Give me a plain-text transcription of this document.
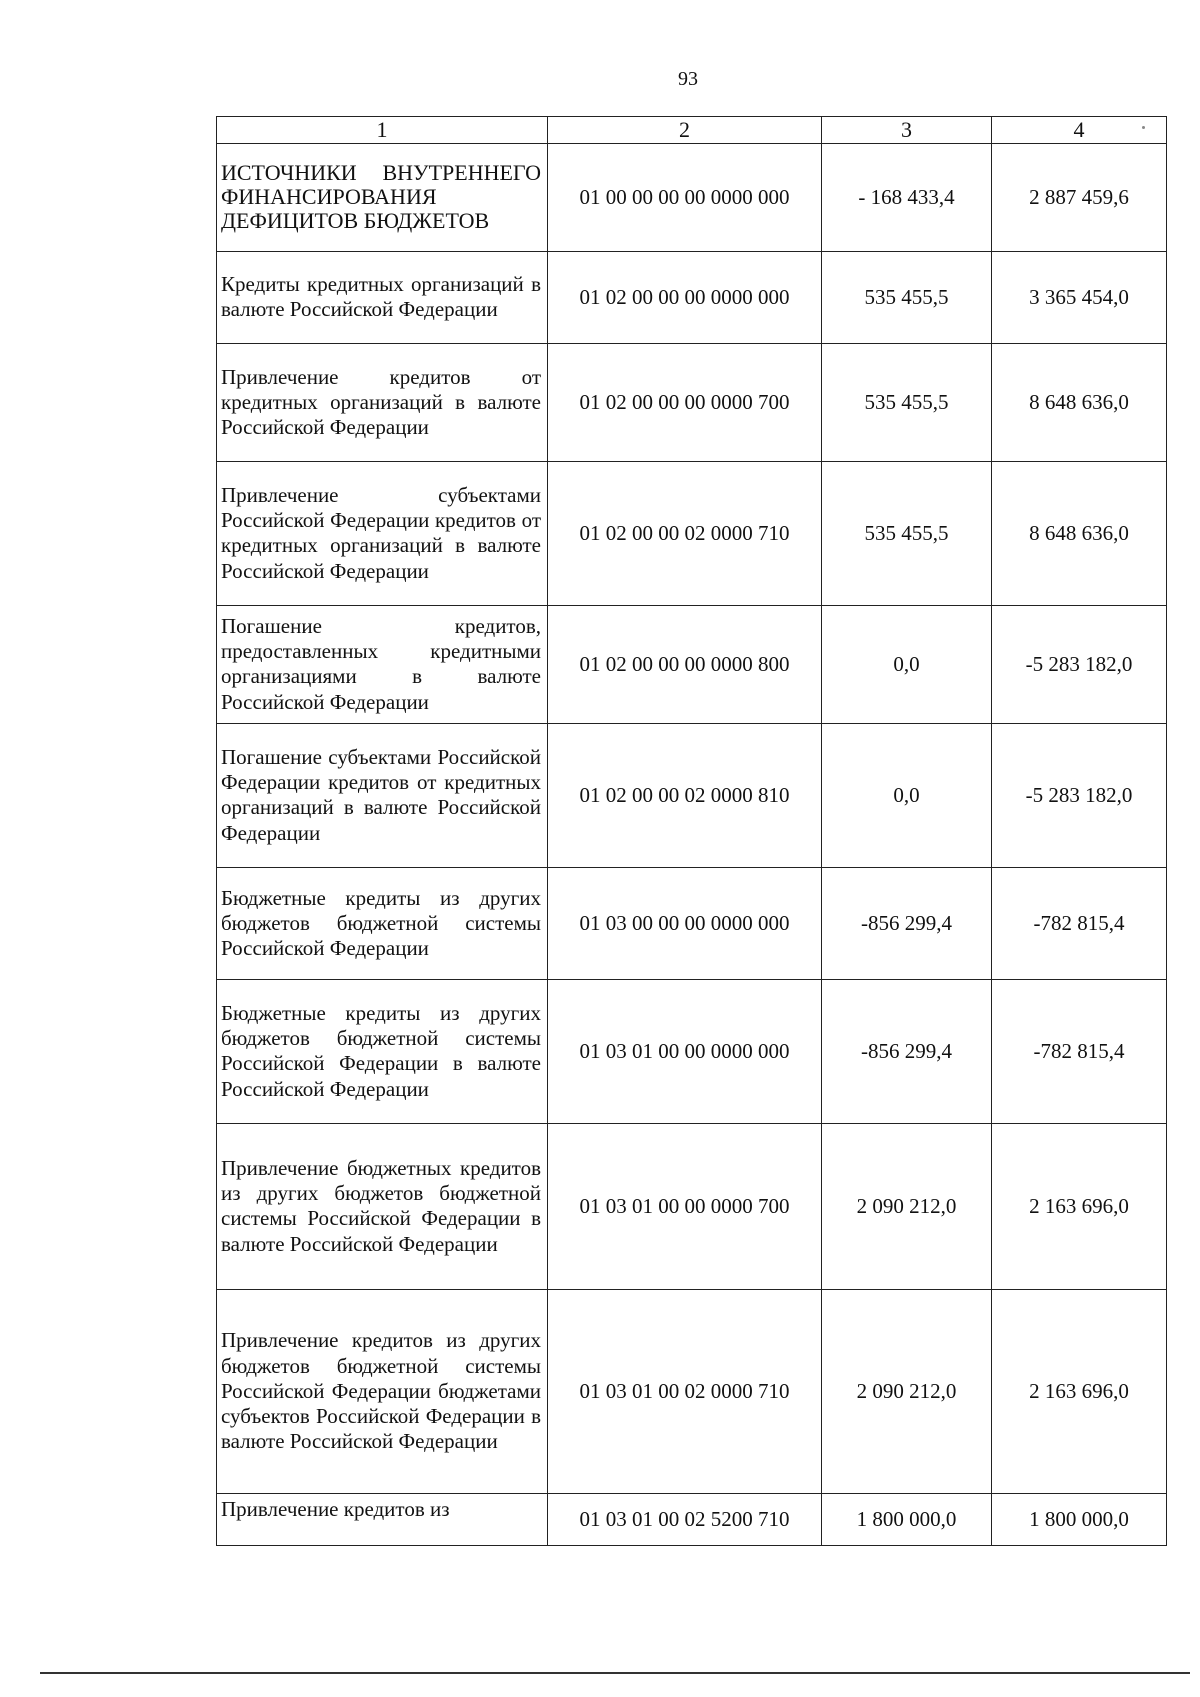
93
1	2	3	4
ИСТОЧНИКИ ВНУТРЕННЕГО ФИНАНСИРОВАНИЯ ДЕФИЦИТОВ БЮДЖЕТОВ	01 00 00 00 00 0000 000	- 168 433,4	2 887 459,6
Кредиты кредитных организаций в валюте Российской Федерации	01 02 00 00 00 0000 000	535 455,5	3 365 454,0
Привлечение кредитов от кредитных организаций в валюте Российской Федерации	01 02 00 00 00 0000 700	535 455,5	8 648 636,0
Привлечение субъектами Российской Федерации кредитов от кредитных организаций в валюте Российской Федерации	01 02 00 00 02 0000 710	535 455,5	8 648 636,0
Погашение кредитов, предоставленных кредитными организациями в валюте Российской Федерации	01 02 00 00 00 0000 800	0,0	-5 283 182,0
Погашение субъектами Российской Федерации кредитов от кредитных организаций в валюте Российской Федерации	01 02 00 00 02 0000 810	0,0	-5 283 182,0
Бюджетные кредиты из других бюджетов бюджетной системы Российской Федерации	01 03 00 00 00 0000 000	-856 299,4	-782 815,4
Бюджетные кредиты из других бюджетов бюджетной системы Российской Федерации в валюте Российской Федерации	01 03 01 00 00 0000 000	-856 299,4	-782 815,4
Привлечение бюджетных кредитов из других бюджетов бюджетной системы Российской Федерации в валюте Российской Федерации	01 03 01 00 00 0000 700	2 090 212,0	2 163 696,0
Привлечение кредитов из других бюджетов бюджетной системы Российской Федерации бюджетами субъектов Российской Федерации в валюте Российской Федерации	01 03 01 00 02 0000 710	2 090 212,0	2 163 696,0
Привлечение кредитов из	01 03 01 00 02 5200 710	1 800 000,0	1 800 000,0
